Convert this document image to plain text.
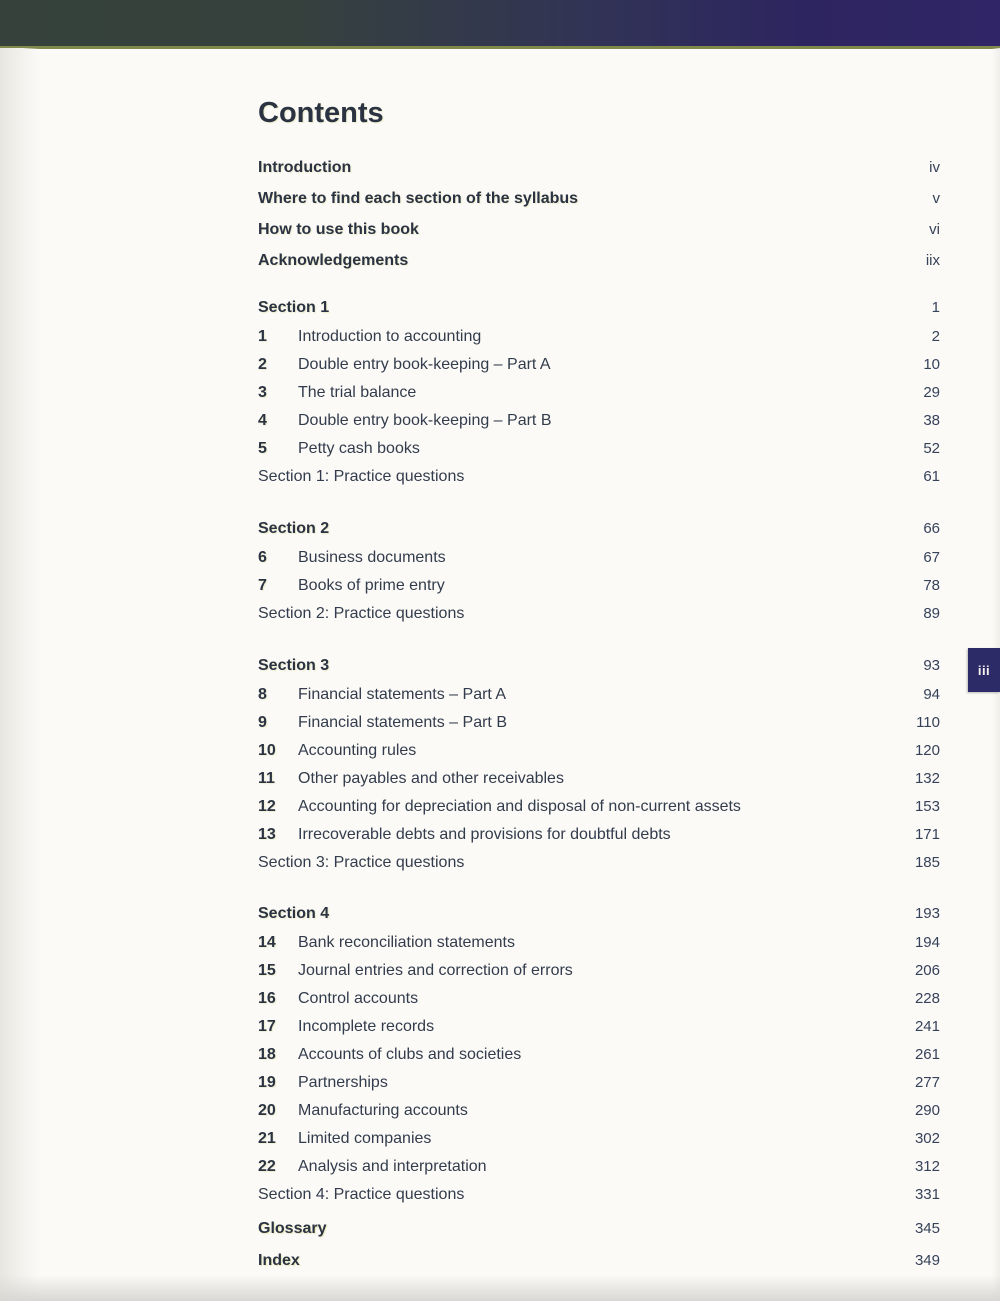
Contents
Introduction	iv
Where to find each section of the syllabus	v
How to use this book	vi
Acknowledgements	iix
Section 1	1
1	Introduction to accounting	2
2	Double entry book-keeping – Part A	10
3	The trial balance	29
4	Double entry book-keeping – Part B	38
5	Petty cash books	52
Section 1: Practice questions	61
Section 2	66
6	Business documents	67
7	Books of prime entry	78
Section 2: Practice questions	89
Section 3	93
8	Financial statements – Part A	94
9	Financial statements – Part B	110
10	Accounting rules	120
11	Other payables and other receivables	132
12	Accounting for depreciation and disposal of non-current assets	153
13	Irrecoverable debts and provisions for doubtful debts	171
Section 3: Practice questions	185
Section 4	193
14	Bank reconciliation statements	194
15	Journal entries and correction of errors	206
16	Control accounts	228
17	Incomplete records	241
18	Accounts of clubs and societies	261
19	Partnerships	277
20	Manufacturing accounts	290
21	Limited companies	302
22	Analysis and interpretation	312
Section 4: Practice questions	331
Glossary	345
Index	349
iii
